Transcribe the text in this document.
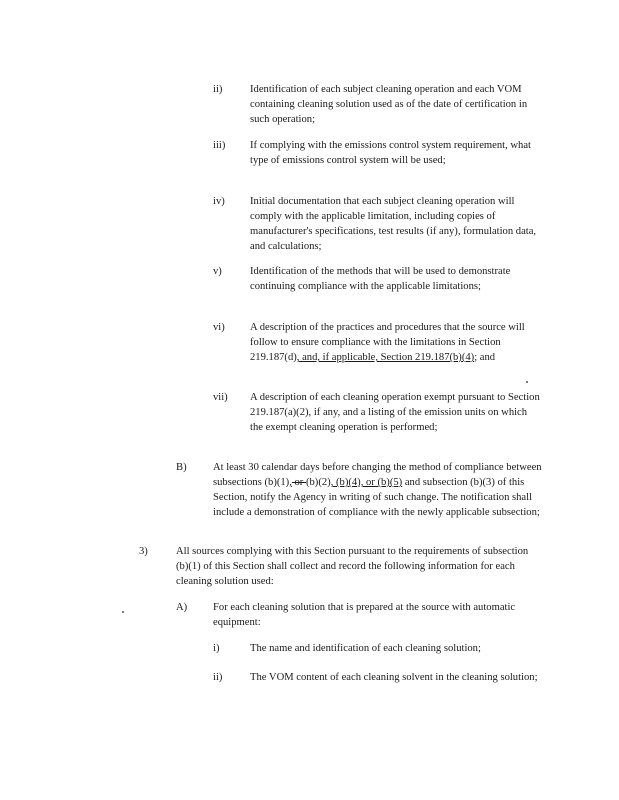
ii)	Identification of each subject cleaning operation and each VOM containing cleaning solution used as of the date of certification in such operation;
iii) If complying with the emissions control system requirement, what type of emissions control system will be used;
iv) Initial documentation that each subject cleaning operation will comply with the applicable limitation, including copies of manufacturer's specifications, test results (if any), formulation data, and calculations;
v)	Identification of the methods that will be used to demonstrate continuing compliance with the applicable limitations;
vi) A description of the practices and procedures that the source will follow to ensure compliance with the limitations in Section 219.187(d), and, if applicable, Section 219.187(b)(4); and
vii) A description of each cleaning operation exempt pursuant to Section 219.187(a)(2), if any, and a listing of the emission units on which the exempt cleaning operation is performed;
B) At least 30 calendar days before changing the method of compliance between subsections (b)(1), or (b)(2), (b)(4), or (b)(5) and subsection (b)(3) of this Section, notify the Agency in writing of such change. The notification shall include a demonstration of compliance with the newly applicable subsection;
3)	All sources complying with this Section pursuant to the requirements of subsection (b)(1) of this Section shall collect and record the following information for each cleaning solution used:
A) For each cleaning solution that is prepared at the source with automatic equipment:
i)	The name and identification of each cleaning solution;
ii)	The VOM content of each cleaning solvent in the cleaning solution;
